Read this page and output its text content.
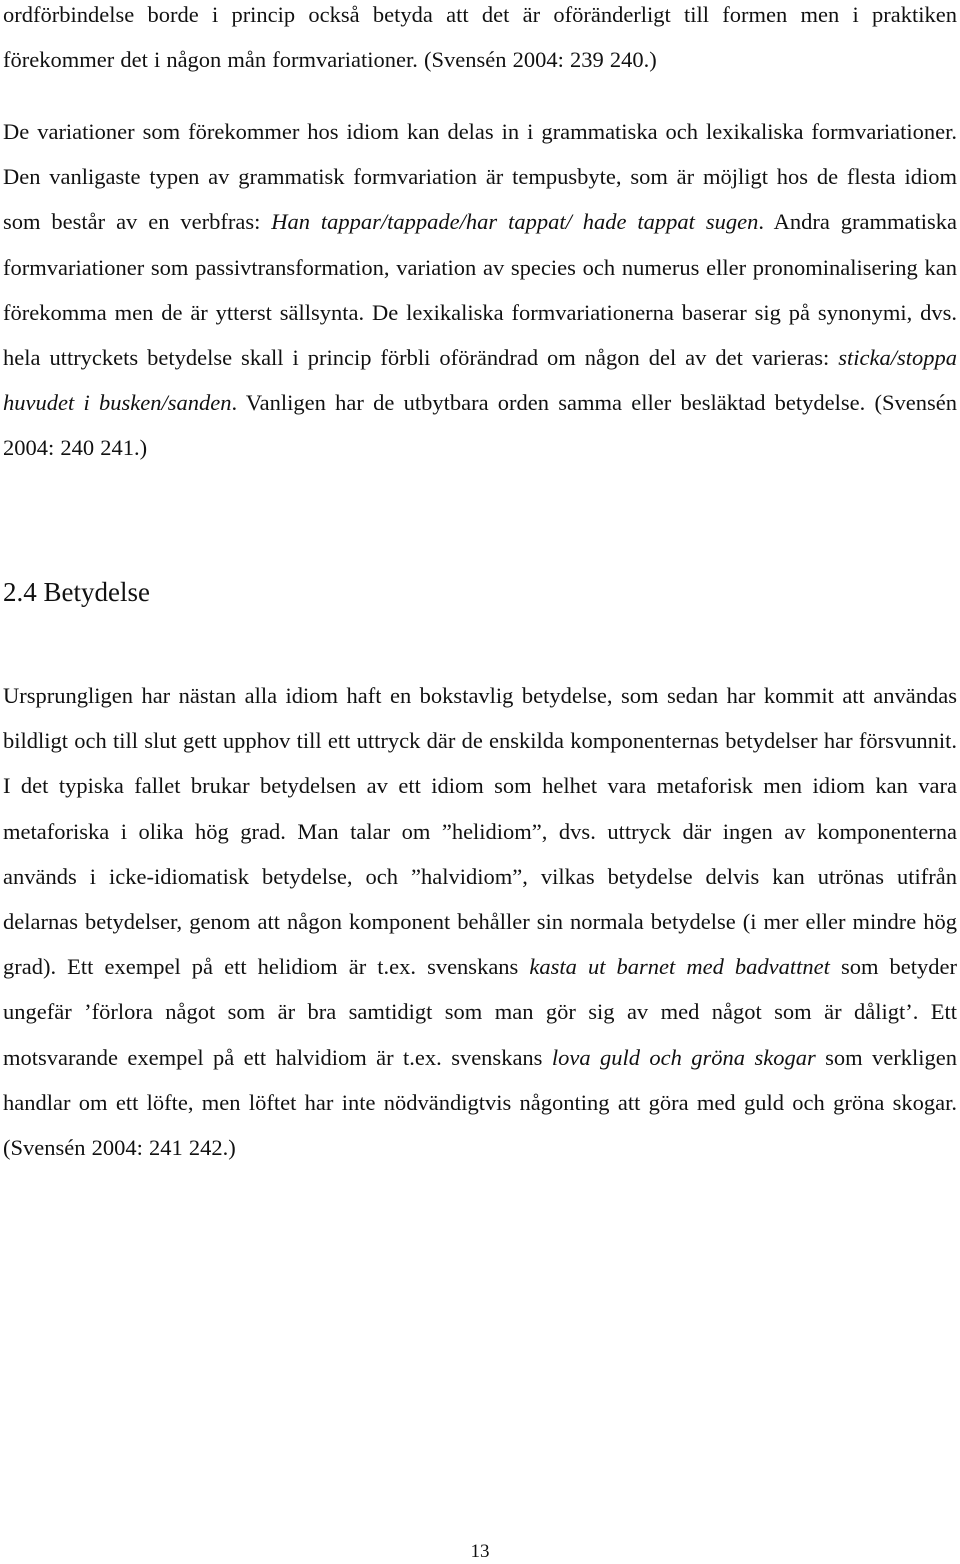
ordförbindelse borde i princip också betyda att det är oföränderligt till formen men i praktiken förekommer det i någon mån formvariationer. (Svensén 2004: 239 240.)

De variationer som förekommer hos idiom kan delas in i grammatiska och lexikaliska formvariationer. Den vanligaste typen av grammatisk formvariation är tempusbyte, som är möjligt hos de flesta idiom som består av en verbfras: Han tappar/tappade/har tappat/ hade tappat sugen. Andra grammatiska formvariationer som passivtransformation, variation av species och numerus eller pronominalisering kan förekomma men de är ytterst sällsynta. De lexikaliska formvariationerna baserar sig på synonymi, dvs. hela uttryckets betydelse skall i princip förbli oförändrad om någon del av det varieras: sticka/stoppa huvudet i busken/sanden. Vanligen har de utbytbara orden samma eller besläktad betydelse. (Svensén 2004: 240 241.)

2.4 Betydelse

Ursprungligen har nästan alla idiom haft en bokstavlig betydelse, som sedan har kommit att användas bildligt och till slut gett upphov till ett uttryck där de enskilda komponenternas betydelser har försvunnit. I det typiska fallet brukar betydelsen av ett idiom som helhet vara metaforisk men idiom kan vara metaforiska i olika hög grad. Man talar om ”helidiom”, dvs. uttryck där ingen av komponenterna används i icke-idiomatisk betydelse, och ”halvidiom”, vilkas betydelse delvis kan utrönas utifrån delarnas betydelser, genom att någon komponent behåller sin normala betydelse (i mer eller mindre hög grad). Ett exempel på ett helidiom är t.ex. svenskans kasta ut barnet med badvattnet som betyder ungefär ’förlora något som är bra samtidigt som man gör sig av med något som är dåligt’. Ett motsvarande exempel på ett halvidiom är t.ex. svenskans lova guld och gröna skogar som verkligen handlar om ett löfte, men löftet har inte nödvändigtvis någonting att göra med guld och gröna skogar. (Svensén 2004: 241 242.)

13
